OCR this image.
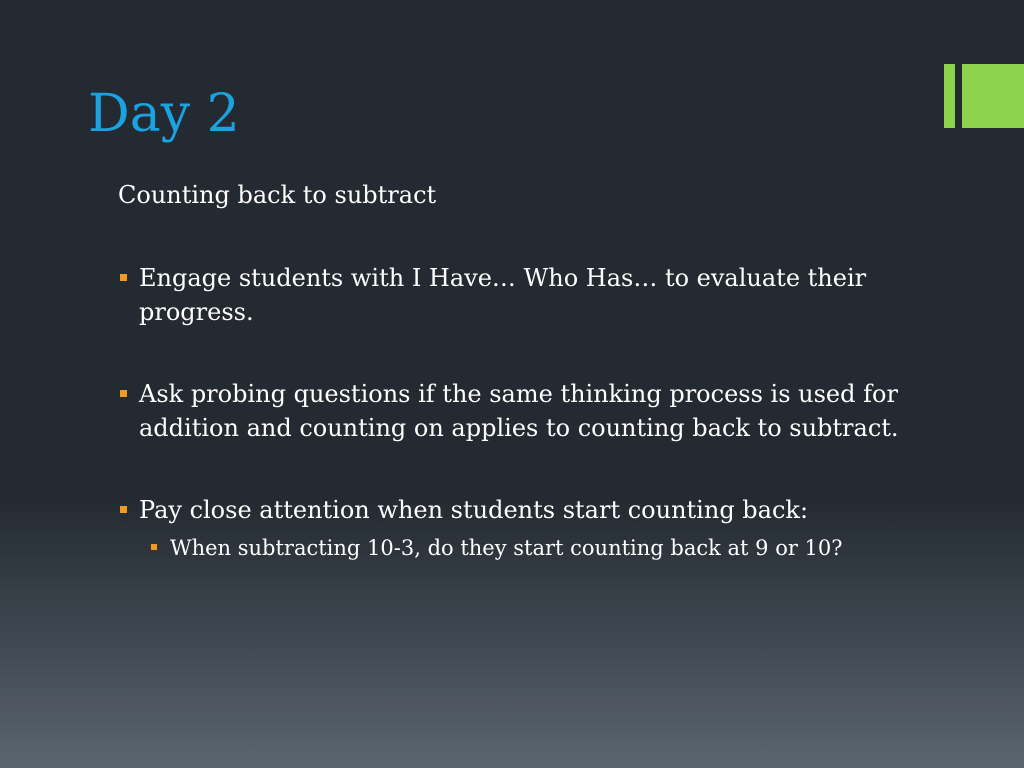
Day 2
Counting back to subtract
Engage students with I Have… Who Has… to evaluate their progress.
Ask probing questions if the same thinking process is used for addition and counting on applies to counting back to subtract.
Pay close attention when students start counting back:
When subtracting 10-3, do they start counting back at 9 or 10?
